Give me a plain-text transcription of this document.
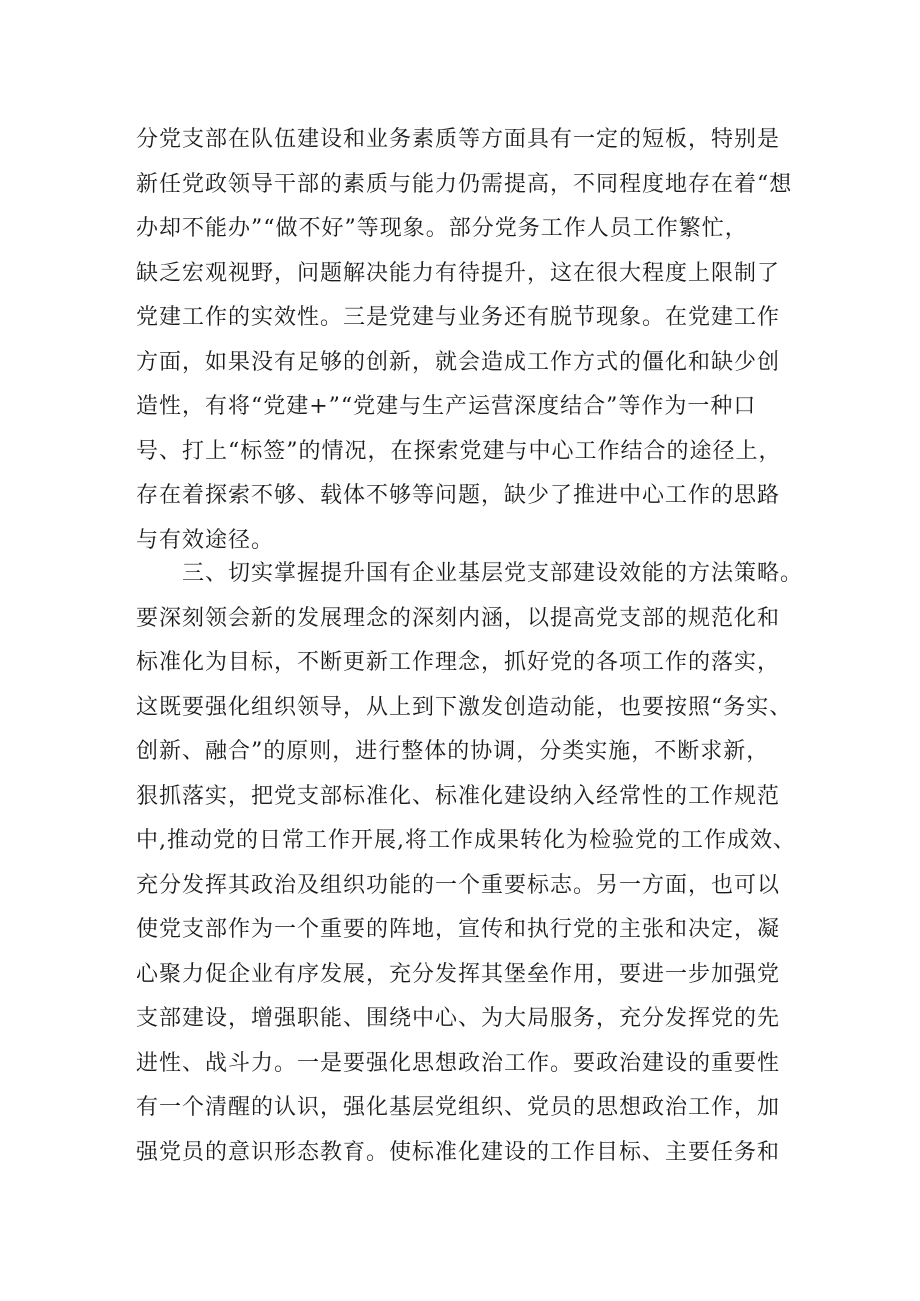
分党支部在队伍建设和业务素质等方面具有一定的短板，特别是
新任党政领导干部的素质与能力仍需提高，不同程度地存在着“想
办却不能办”“做不好”等现象。部分党务工作人员工作繁忙，
缺乏宏观视野，问题解决能力有待提升，这在很大程度上限制了
党建工作的实效性。三是党建与业务还有脱节现象。在党建工作
方面，如果没有足够的创新，就会造成工作方式的僵化和缺少创
造性，有将“党建+”“党建与生产运营深度结合”等作为一种口
号、打上“标签”的情况，在探索党建与中心工作结合的途径上，
存在着探索不够、载体不够等问题，缺少了推进中心工作的思路
与有效途径。
　　三、切实掌握提升国有企业基层党支部建设效能的方法策略。
要深刻领会新的发展理念的深刻内涵，以提高党支部的规范化和
标准化为目标，不断更新工作理念，抓好党的各项工作的落实，
这既要强化组织领导，从上到下激发创造动能，也要按照“务实、
创新、融合”的原则，进行整体的协调，分类实施，不断求新，
狠抓落实，把党支部标准化、标准化建设纳入经常性的工作规范
中,推动党的日常工作开展,将工作成果转化为检验党的工作成效、
充分发挥其政治及组织功能的一个重要标志。另一方面，也可以
使党支部作为一个重要的阵地，宣传和执行党的主张和决定，凝
心聚力促企业有序发展，充分发挥其堡垒作用，要进一步加强党
支部建设，增强职能、围绕中心、为大局服务，充分发挥党的先
进性、战斗力。一是要强化思想政治工作。要政治建设的重要性
有一个清醒的认识，强化基层党组织、党员的思想政治工作，加
强党员的意识形态教育。使标准化建设的工作目标、主要任务和
